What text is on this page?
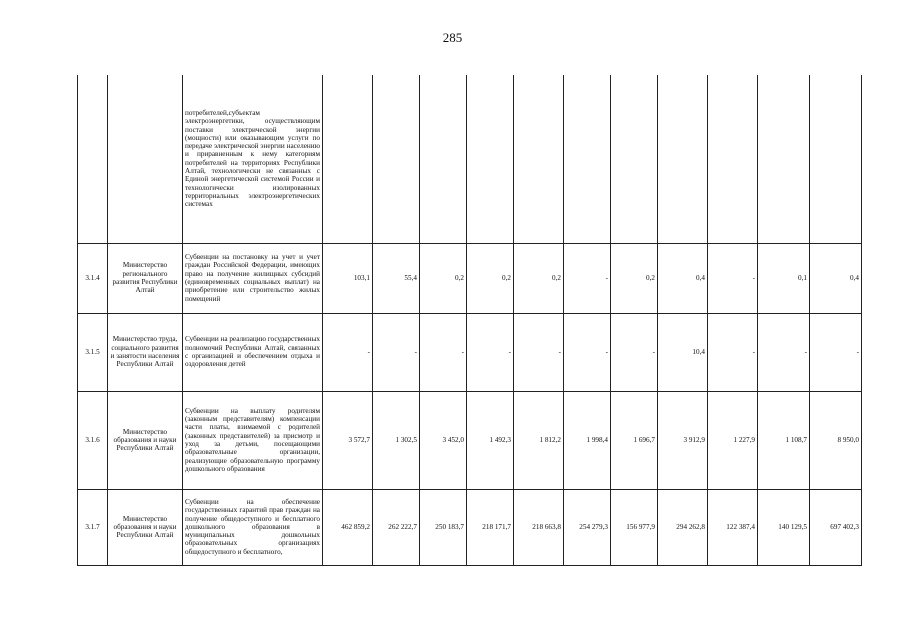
285
		потребителей,субъектам электроэнергетики, осуществляющим поставки электрической энергии (мощности) или оказывающим услуги по передаче электрической энергии населению и приравненным к нему категориям потребителей на территориях Республики Алтай, технологически не связанных с Единой энергетической системой России и технологически изолированных территориальных электроэнергетических системах											
3.1.4	Министерство регионального развития Республики Алтай	Субвенции на постановку на учет и учет граждан Российской Федерации, имеющих право на получение жилищных субсидий (единовременных социальных выплат) на приобретение или строительство жилых помещений	103,1	55,4	0,2	0,2	0,2	-	0,2	0,4	-	0,1	0,4
3.1.5	Министерство труда, социального развития и занятости населения Республики Алтай	Субвенции на реализацию государственных полномочий Республики Алтай, связанных с организацией и обеспечением отдыха и оздоровления детей	-	-	-	-	-	-	-	10,4	-	-	-
3.1.6	Министерство образования и науки Республики Алтай	Субвенции на выплату родителям (законным представителям) компенсации части платы, взимаемой с родителей (законных представителей) за присмотр и уход за детьми, посещающими образовательные организации, реализующие образовательную программу дошкольного образования	3 572,7	1 302,5	3 452,0	1 492,3	1 812,2	1 998,4	1 696,7	3 912,9	1 227,9	1 108,7	8 950,0
3.1.7	Министерство образования и науки Республики Алтай	Субвенции на обеспечение государственных гарантий прав граждан на получение общедоступного и бесплатного дошкольного образования в муниципальных дошкольных образовательных организациях общедоступного и бесплатного,	462 859,2	262 222,7	250 183,7	218 171,7	218 663,8	254 279,3	156 977,9	294 262,8	122 387,4	140 129,5	697 402,3
